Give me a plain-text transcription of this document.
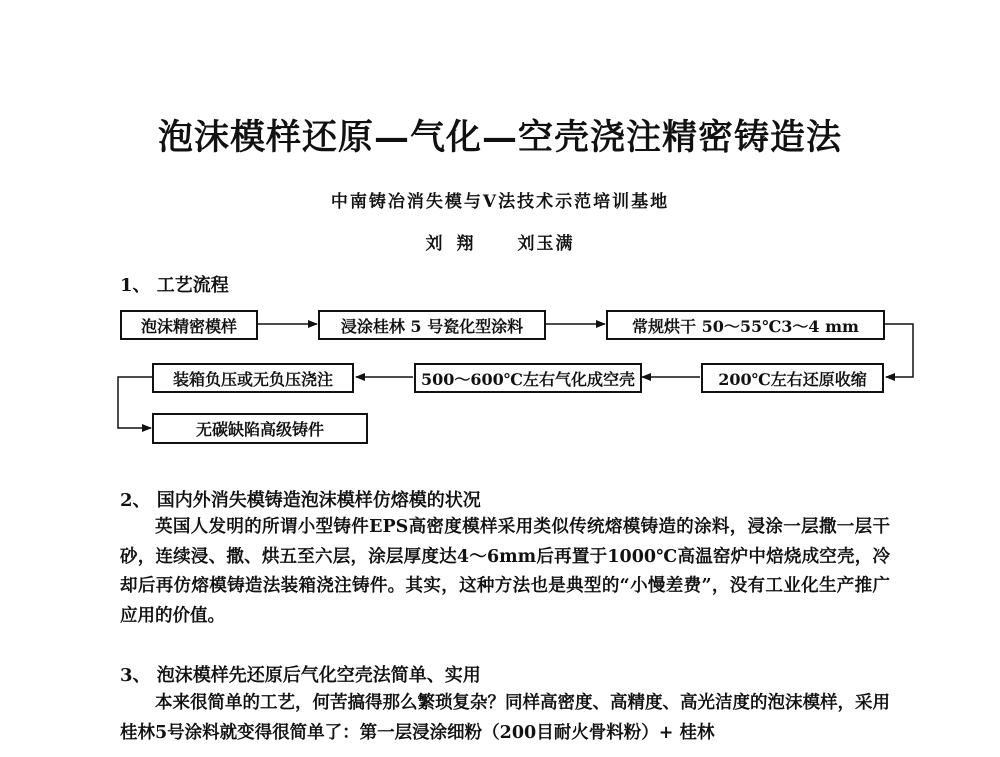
泡沫模样还原—气化—空壳浇注精密铸造法
中南铸冶消失模与V法技术示范培训基地
刘翔 刘玉满
1、 工艺流程
泡沫精密模样	浸涂桂林 5 号瓷化型涂料	常规烘干 50～55℃3～4 mm
200℃左右还原收缩
500～600℃左右气化成空壳
装箱负压或无负压浇注
无碳缺陷高级铸件
2、 国内外消失模铸造泡沫模样仿熔模的状况

英国人发明的所谓小型铸件EPS高密度模样采用类似传统熔模铸造的涂料，浸涂一层撒一层干砂，连续浸、撒、烘五至六层，涂层厚度达4～6mm后再置于1000℃高温窑炉中焙烧成空壳，冷却后再仿熔模铸造法装箱浇注铸件。其实，这种方法也是典型的“小慢差费”，没有工业化生产推广应用的价值。

3、 泡沫模样先还原后气化空壳法简单、实用

本来很简单的工艺，何苦搞得那么繁琐复杂？同样高密度、高精度、高光洁度的泡沫模样，采用桂林5号涂料就变得很简单了：第一层浸涂细粉（200目耐火骨料粉）+ 桂林
